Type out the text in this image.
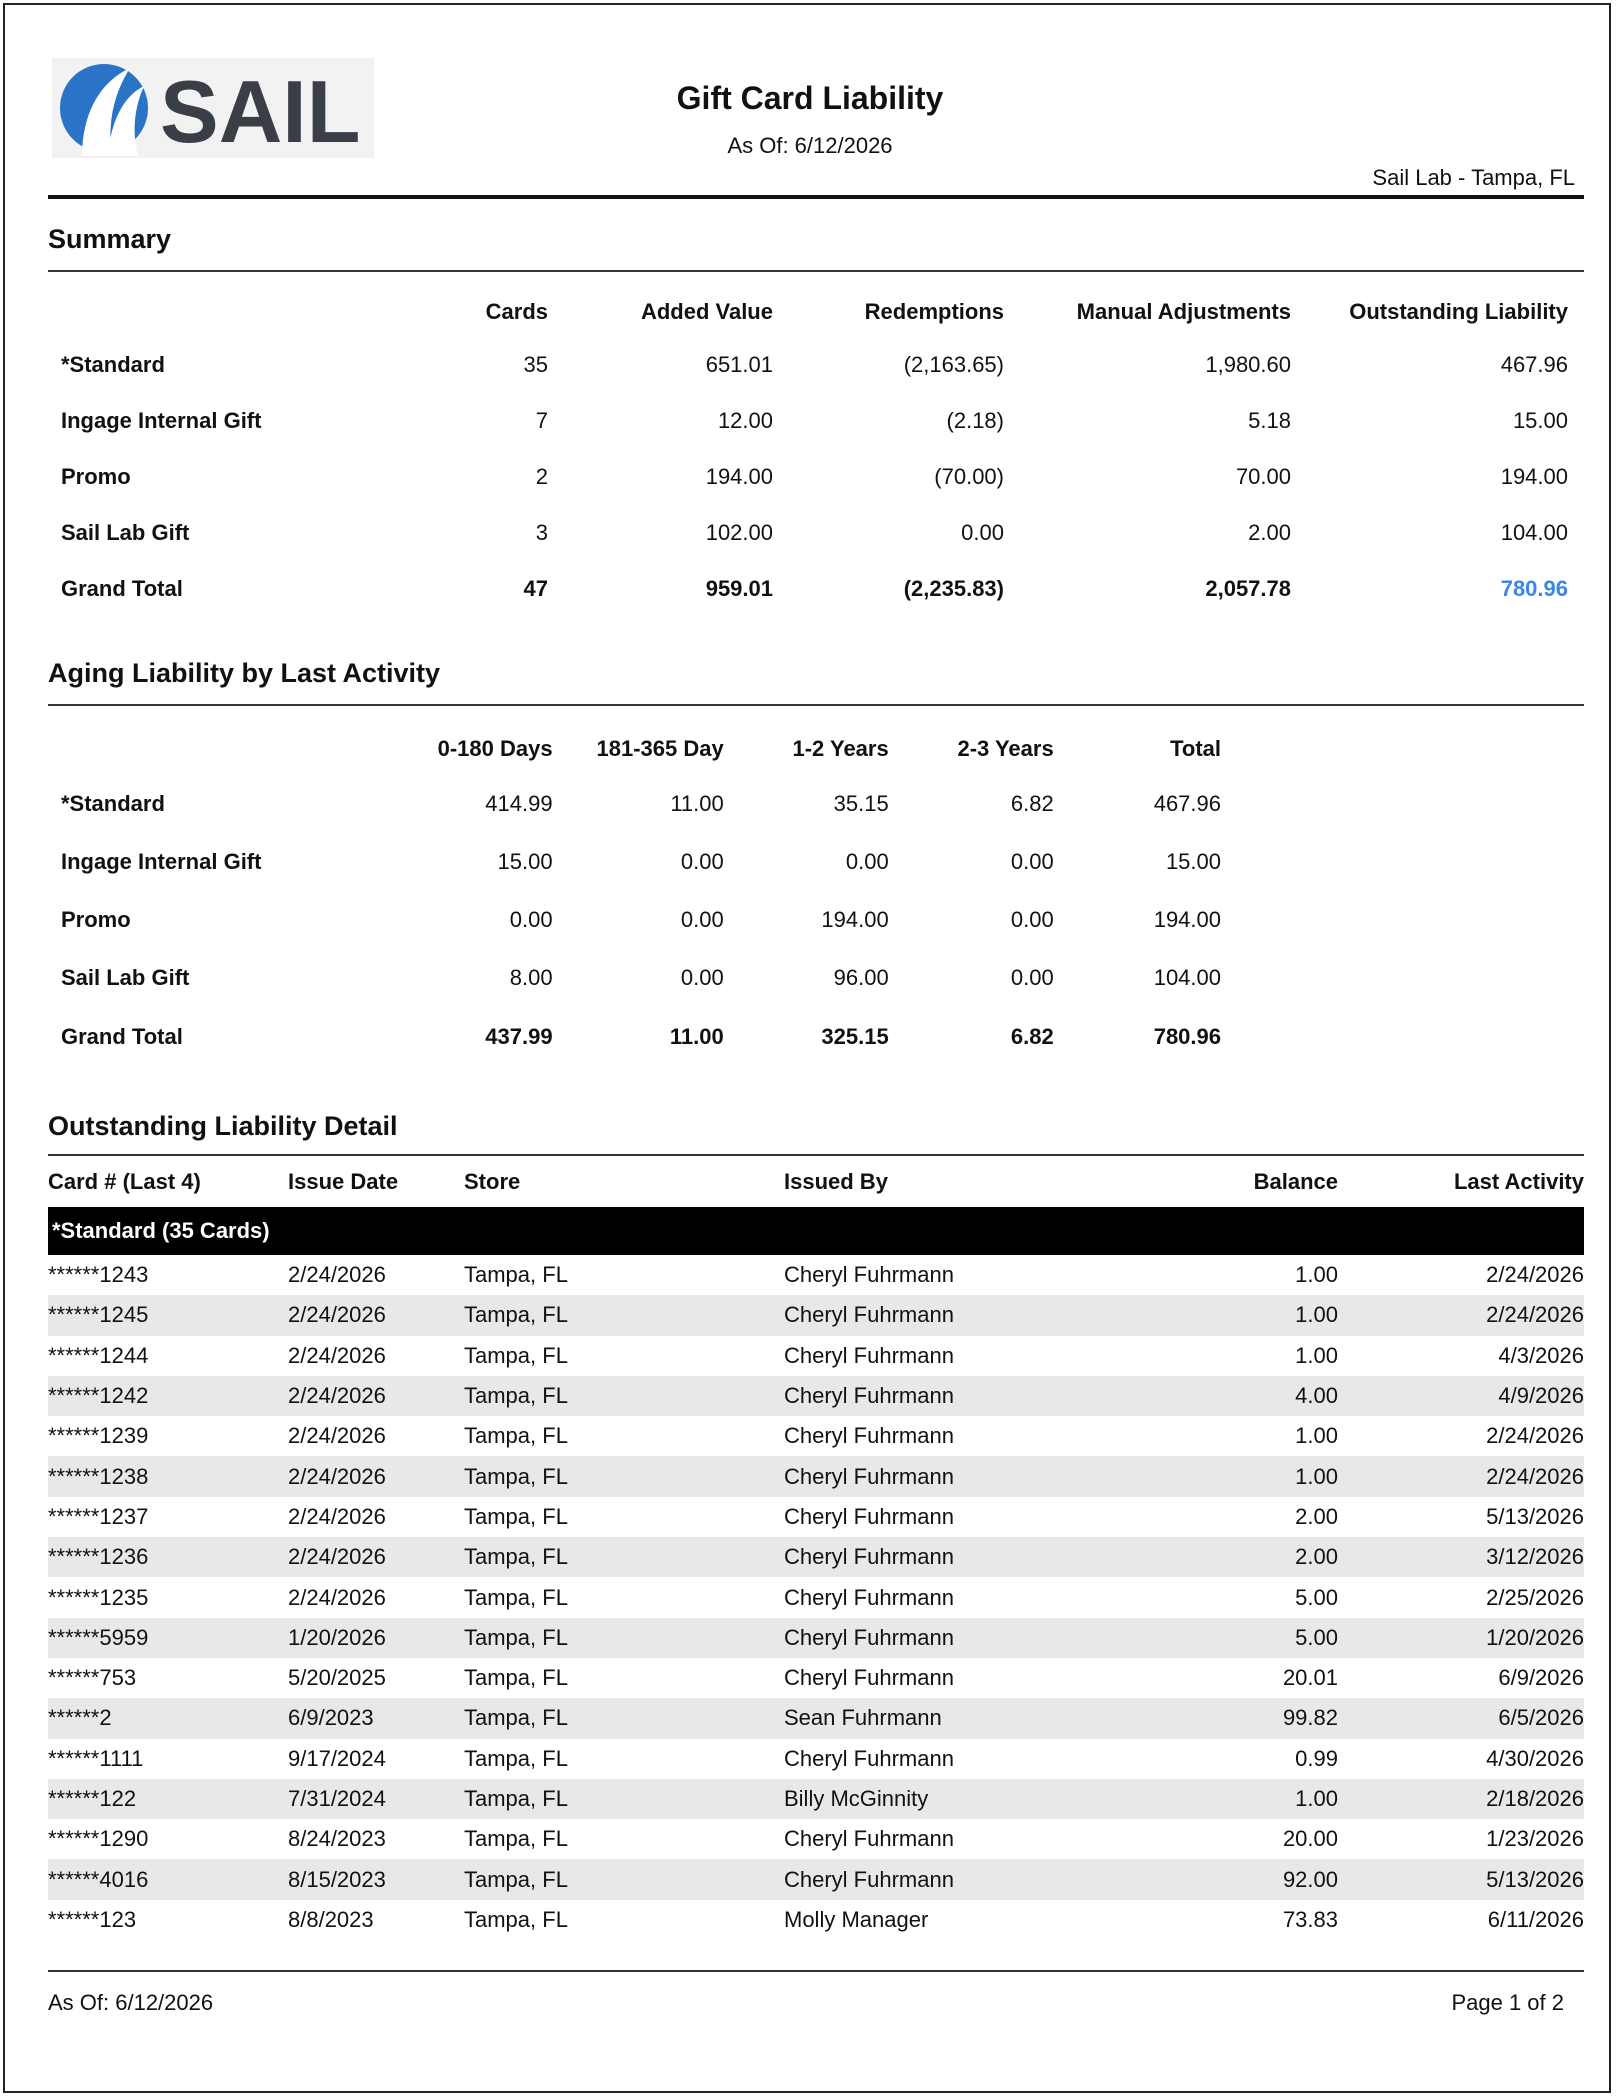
SAIL	Gift Card Liability
As Of: 6/12/2026
Sail Lab - Tampa, FL
Summary
	Cards	Added Value	Redemptions	Manual Adjustments	Outstanding Liability
*Standard	35	651.01	(2,163.65)	1,980.60	467.96
Ingage Internal Gift	7	12.00	(2.18)	5.18	15.00
Promo	2	194.00	(70.00)	70.00	194.00
Sail Lab Gift	3	102.00	0.00	2.00	104.00
Grand Total	47	959.01	(2,235.83)	2,057.78	780.96
Aging Liability by Last Activity
	0-180 Days	181-365 Day	1-2 Years	2-3 Years	Total
*Standard	414.99	11.00	35.15	6.82	467.96
Ingage Internal Gift	15.00	0.00	0.00	0.00	15.00
Promo	0.00	0.00	194.00	0.00	194.00
Sail Lab Gift	8.00	0.00	96.00	0.00	104.00
Grand Total	437.99	11.00	325.15	6.82	780.96
Outstanding Liability Detail
Card # (Last 4)	Issue Date	Store	Issued By	Balance	Last Activity
*Standard (35 Cards)					
******1243	2/24/2026	Tampa, FL	Cheryl Fuhrmann	1.00	2/24/2026
******1245	2/24/2026	Tampa, FL	Cheryl Fuhrmann	1.00	2/24/2026
******1244	2/24/2026	Tampa, FL	Cheryl Fuhrmann	1.00	4/3/2026
******1242	2/24/2026	Tampa, FL	Cheryl Fuhrmann	4.00	4/9/2026
******1239	2/24/2026	Tampa, FL	Cheryl Fuhrmann	1.00	2/24/2026
******1238	2/24/2026	Tampa, FL	Cheryl Fuhrmann	1.00	2/24/2026
******1237	2/24/2026	Tampa, FL	Cheryl Fuhrmann	2.00	5/13/2026
******1236	2/24/2026	Tampa, FL	Cheryl Fuhrmann	2.00	3/12/2026
******1235	2/24/2026	Tampa, FL	Cheryl Fuhrmann	5.00	2/25/2026
******5959	1/20/2026	Tampa, FL	Cheryl Fuhrmann	5.00	1/20/2026
******753	5/20/2025	Tampa, FL	Cheryl Fuhrmann	20.01	6/9/2026
******2	6/9/2023	Tampa, FL	Sean Fuhrmann	99.82	6/5/2026
******1111	9/17/2024	Tampa, FL	Cheryl Fuhrmann	0.99	4/30/2026
******122	7/31/2024	Tampa, FL	Billy McGinnity	1.00	2/18/2026
******1290	8/24/2023	Tampa, FL	Cheryl Fuhrmann	20.00	1/23/2026
******4016	8/15/2023	Tampa, FL	Cheryl Fuhrmann	92.00	5/13/2026
******123	8/8/2023	Tampa, FL	Molly Manager	73.83	6/11/2026
As Of: 6/12/2026	Page 1 of 2
